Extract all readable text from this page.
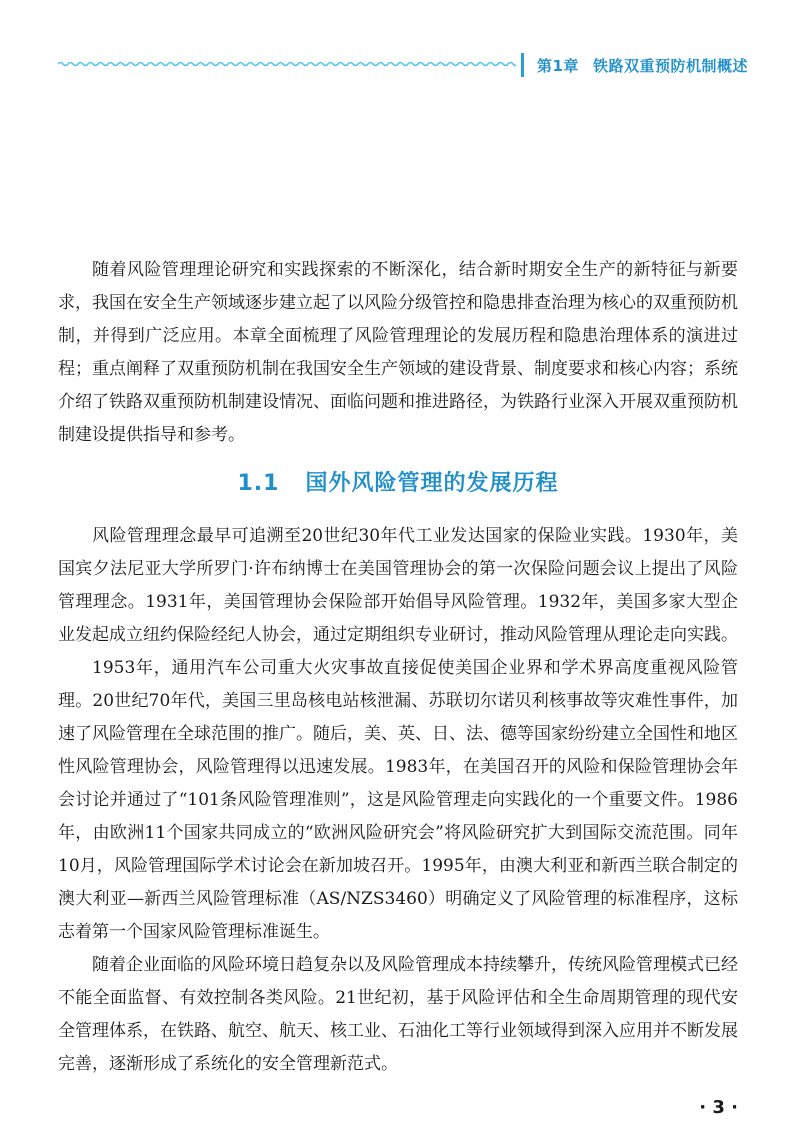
第1章 铁路双重预防机制概述

随着风险管理理论研究和实践探索的不断深化，结合新时期安全生产的新特征与新要求，我国在安全生产领域逐步建立起了以风险分级管控和隐患排查治理为核心的双重预防机制，并得到广泛应用。本章全面梳理了风险管理理论的发展历程和隐患治理体系的演进过程；重点阐释了双重预防机制在我国安全生产领域的建设背景、制度要求和核心内容；系统介绍了铁路双重预防机制建设情况、面临问题和推进路径，为铁路行业深入开展双重预防机制建设提供指导和参考。

1.1 国外风险管理的发展历程

风险管理理念最早可追溯至20世纪30年代工业发达国家的保险业实践。1930年，美国宾夕法尼亚大学所罗门·许布纳博士在美国管理协会的第一次保险问题会议上提出了风险管理理念。1931年，美国管理协会保险部开始倡导风险管理。1932年，美国多家大型企业发起成立纽约保险经纪人协会，通过定期组织专业研讨，推动风险管理从理论走向实践。

1953年，通用汽车公司重大火灾事故直接促使美国企业界和学术界高度重视风险管理。20世纪70年代，美国三里岛核电站核泄漏、苏联切尔诺贝利核事故等灾难性事件，加速了风险管理在全球范围的推广。随后，美、英、日、法、德等国家纷纷建立全国性和地区性风险管理协会，风险管理得以迅速发展。1983年，在美国召开的风险和保险管理协会年会讨论并通过了“101条风险管理准则”，这是风险管理走向实践化的一个重要文件。1986年，由欧洲11个国家共同成立的“欧洲风险研究会”将风险研究扩大到国际交流范围。同年10月，风险管理国际学术讨论会在新加坡召开。1995年，由澳大利亚和新西兰联合制定的澳大利亚—新西兰风险管理标准（AS/NZS3460）明确定义了风险管理的标准程序，这标志着第一个国家风险管理标准诞生。

随着企业面临的风险环境日趋复杂以及风险管理成本持续攀升，传统风险管理模式已经不能全面监督、有效控制各类风险。21世纪初，基于风险评估和全生命周期管理的现代安全管理体系，在铁路、航空、航天、核工业、石油化工等行业领域得到深入应用并不断发展完善，逐渐形成了系统化的安全管理新范式。

· 3 ·
